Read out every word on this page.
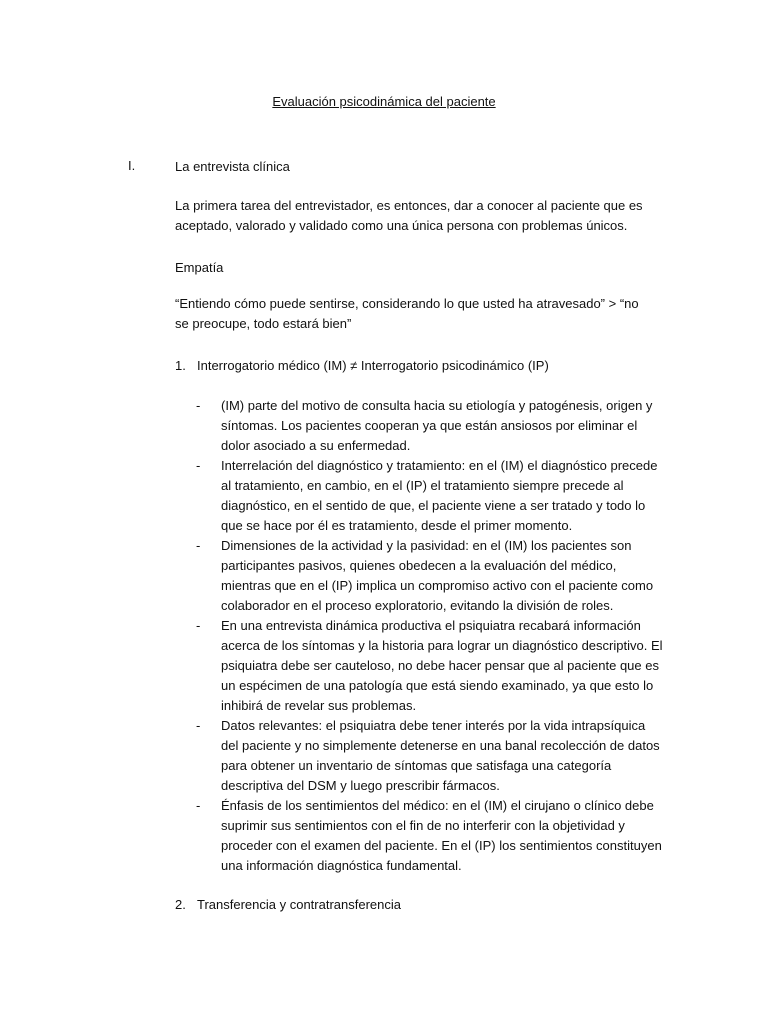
Evaluación psicodinámica del paciente
I.	La entrevista clínica

La primera tarea del entrevistador, es entonces, dar a conocer al paciente que es aceptado, valorado y validado como una única persona con problemas únicos.

Empatía

“Entiendo cómo puede sentirse, considerando lo que usted ha atravesado” > “no se preocupe, todo estará bien”

1. Interrogatorio médico (IM) ≠ Interrogatorio psicodinámico (IP)
- (IM) parte del motivo de consulta hacia su etiología y patogénesis, origen y síntomas. Los pacientes cooperan ya que están ansiosos por eliminar el dolor asociado a su enfermedad.
- Interrelación del diagnóstico y tratamiento: en el (IM) el diagnóstico precede al tratamiento, en cambio, en el (IP) el tratamiento siempre precede al diagnóstico, en el sentido de que, el paciente viene a ser tratado y todo lo que se hace por él es tratamiento, desde el primer momento.
- Dimensiones de la actividad y la pasividad: en el (IM) los pacientes son participantes pasivos, quienes obedecen a la evaluación del médico, mientras que en el (IP) implica un compromiso activo con el paciente como colaborador en el proceso exploratorio, evitando la división de roles.
- En una entrevista dinámica productiva el psiquiatra recabará información acerca de los síntomas y la historia para lograr un diagnóstico descriptivo. El psiquiatra debe ser cauteloso, no debe hacer pensar que al paciente que es un espécimen de una patología que está siendo examinado, ya que esto lo inhibirá de revelar sus problemas.
- Datos relevantes: el psiquiatra debe tener interés por la vida intrapsíquica del paciente y no simplemente detenerse en una banal recolección de datos para obtener un inventario de síntomas que satisfaga una categoría descriptiva del DSM y luego prescribir fármacos.
- Énfasis de los sentimientos del médico: en el (IM) el cirujano o clínico debe suprimir sus sentimientos con el fin de no interferir con la objetividad y proceder con el examen del paciente. En el (IP) los sentimientos constituyen una información diagnóstica fundamental.
2. Transferencia y contratransferencia
